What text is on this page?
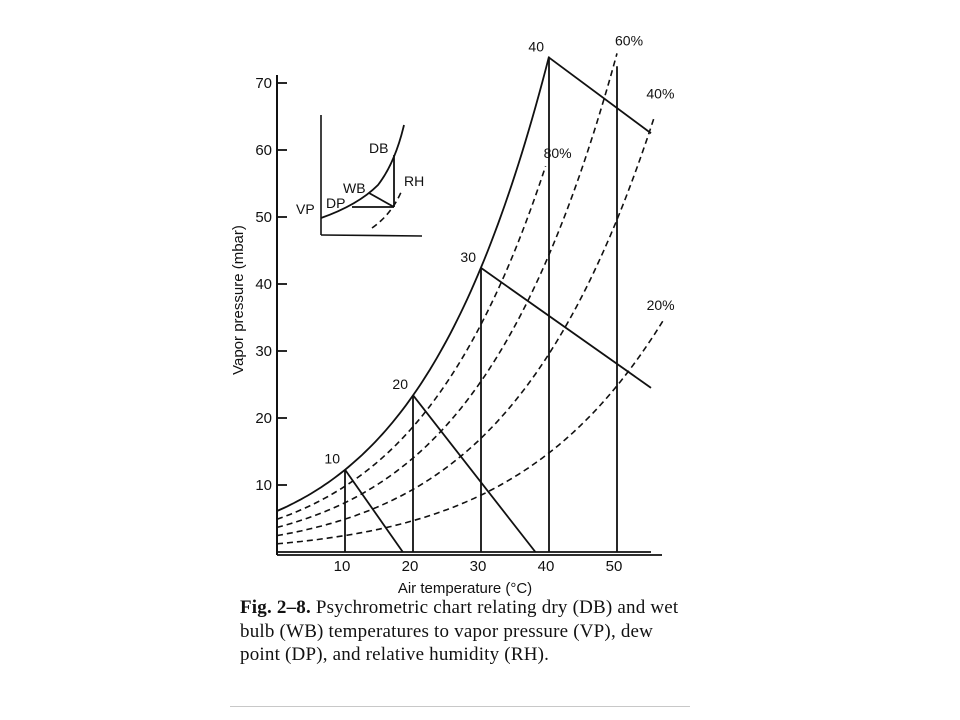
10
20
30
40
50
60
70
10	20	30	40	50
Vapor pressure (mbar)
Air temperature (°C)
80%
60%
40%
20%
10
20
30
40
DB
WB	RH
VP DP
Fig. 2–8. Psychrometric chart relating dry (DB) and wet bulb (WB) temperatures to vapor pressure (VP), dew point (DP), and relative humidity (RH).
